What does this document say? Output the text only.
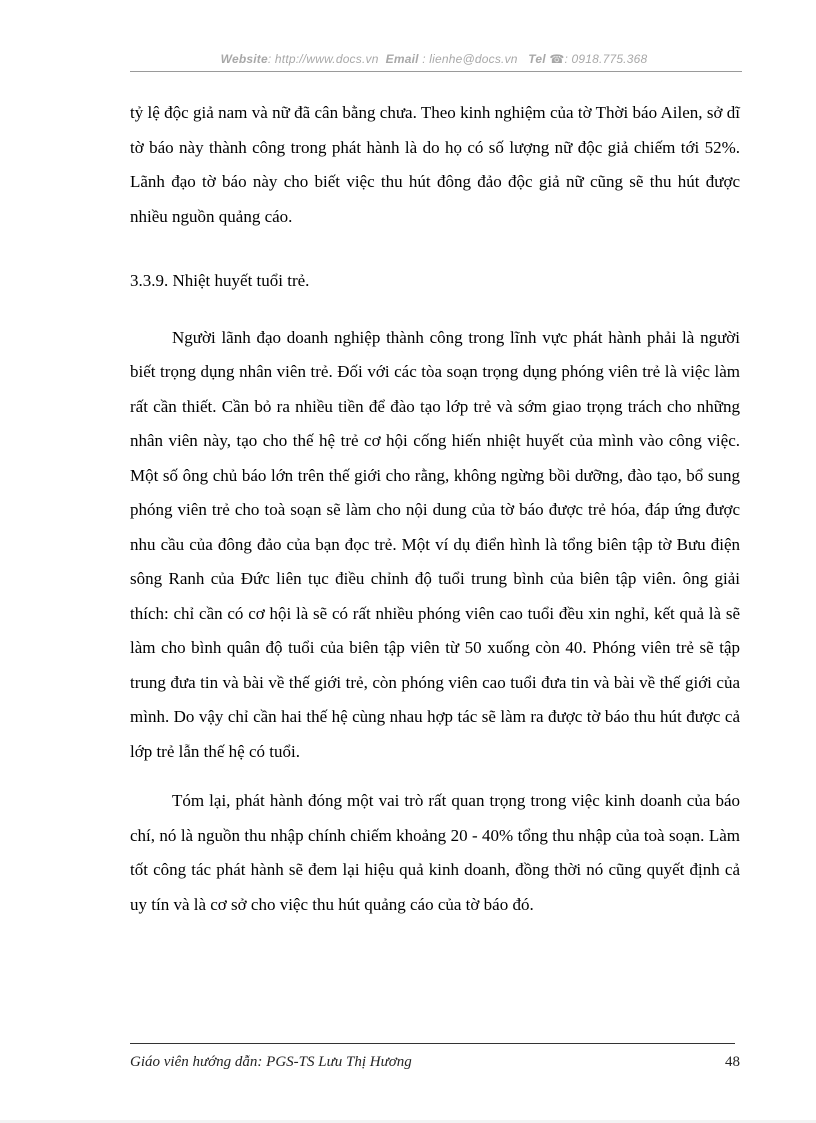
Website: http://www.docs.vn Email : lienhe@docs.vn Tel ☎: 0918.775.368

tỷ lệ độc giả nam và nữ đã cân bằng chưa. Theo kinh nghiệm của tờ Thời báo Ailen, sở dĩ tờ báo này thành công trong phát hành là do họ có số lượng nữ độc giả chiếm tới 52%. Lãnh đạo tờ báo này cho biết việc thu hút đông đảo độc giả nữ cũng sẽ thu hút được nhiều nguồn quảng cáo.

3.3.9. Nhiệt huyết tuổi trẻ.

Người lãnh đạo doanh nghiệp thành công trong lĩnh vực phát hành phải là người biết trọng dụng nhân viên trẻ. Đối với các tòa soạn trọng dụng phóng viên trẻ là việc làm rất cần thiết. Cần bỏ ra nhiều tiền để đào tạo lớp trẻ và sớm giao trọng trách cho những nhân viên này, tạo cho thế hệ trẻ cơ hội cống hiến nhiệt huyết của mình vào công việc. Một số ông chủ báo lớn trên thế giới cho rằng, không ngừng bồi dưỡng, đào tạo, bổ sung phóng viên trẻ cho toà soạn sẽ làm cho nội dung của tờ báo được trẻ hóa, đáp ứng được nhu cầu của đông đảo của bạn đọc trẻ. Một ví dụ điển hình là tổng biên tập tờ Bưu điện sông Ranh của Đức liên tục điều chỉnh độ tuổi trung bình của biên tập viên. ông giải thích: chỉ cần có cơ hội là sẽ có rất nhiều phóng viên cao tuổi đều xin nghỉ, kết quả là sẽ làm cho bình quân độ tuổi của biên tập viên từ 50 xuống còn 40. Phóng viên trẻ sẽ tập trung đưa tin và bài về thế giới trẻ, còn phóng viên cao tuổi đưa tin và bài về thế giới của mình. Do vậy chỉ cần hai thế hệ cùng nhau hợp tác sẽ làm ra được tờ báo thu hút được cả lớp trẻ lẫn thế hệ có tuổi.

Tóm lại, phát hành đóng một vai trò rất quan trọng trong việc kinh doanh của báo chí, nó là nguồn thu nhập chính chiếm khoảng 20 - 40% tổng thu nhập của toà soạn. Làm tốt công tác phát hành sẽ đem lại hiệu quả kinh doanh, đồng thời nó cũng quyết định cả uy tín và là cơ sở cho việc thu hút quảng cáo của tờ báo đó.

Giáo viên hướng dẫn: PGS-TS Lưu Thị Hương	48
